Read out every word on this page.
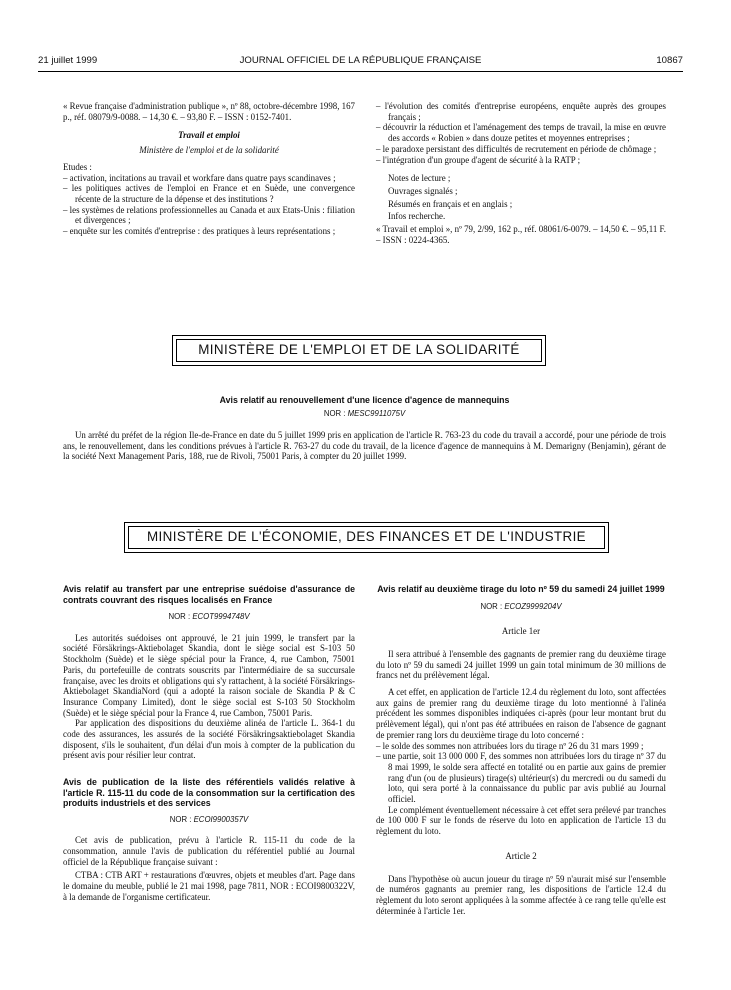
21 juillet 1999	JOURNAL OFFICIEL DE LA RÉPUBLIQUE FRANÇAISE	10867

« Revue française d'administration publique », nº 88, octobre-décembre 1998, 167 p., réf. 08079/9-0088. – 14,30 €. – 93,80 F. – ISSN : 0152-7401.

Travail et emploi

Ministère de l'emploi et de la solidarité

Etudes :

– activation, incitations au travail et workfare dans quatre pays scandinaves ;

– les politiques actives de l'emploi en France et en Suède, une convergence récente de la structure de la dépense et des institutions ?

– les systèmes de relations professionnelles au Canada et aux Etats-Unis : filiation et divergences ;

– enquête sur les comités d'entreprise : des pratiques à leurs représentations ;

– l'évolution des comités d'entreprise européens, enquête auprès des groupes français ;

– découvrir la réduction et l'aménagement des temps de travail, la mise en œuvre des accords « Robien » dans douze petites et moyennes entreprises ;

– le paradoxe persistant des difficultés de recrutement en période de chômage ;

– l'intégration d'un groupe d'agent de sécurité à la RATP ;

Notes de lecture ;

Ouvrages signalés ;

Résumés en français et en anglais ;

Infos recherche.

« Travail et emploi », nº 79, 2/99, 162 p., réf. 08061/6-0079. – 14,50 €. – 95,11 F. – ISSN : 0224-4365.

MINISTÈRE DE L'EMPLOI ET DE LA SOLIDARITÉ
Avis relatif au renouvellement d'une licence d'agence de mannequins
NOR : MESC9911075V

Un arrêté du préfet de la région Ile-de-France en date du 5 juillet 1999 pris en application de l'article R. 763-23 du code du travail a accordé, pour une période de trois ans, le renouvellement, dans les conditions prévues à l'article R. 763-27 du code du travail, de la licence d'agence de mannequins à M. Demarigny (Benjamin), gérant de la société Next Management Paris, 188, rue de Rivoli, 75001 Paris, à compter du 20 juillet 1999.

MINISTÈRE DE L'ÉCONOMIE, DES FINANCES ET DE L'INDUSTRIE

Avis relatif au transfert par une entreprise suédoise d'assurance de contrats couvrant des risques localisés en France

NOR : ECOT9994748V

Les autorités suédoises ont approuvé, le 21 juin 1999, le transfert par la société Försäkrings-Aktiebolaget Skandia, dont le siège social est S-103 50 Stockholm (Suède) et le siège spécial pour la France, 4, rue Cambon, 75001 Paris, du portefeuille de contrats souscrits par l'intermédiaire de sa succursale française, avec les droits et obligations qui s'y rattachent, à la société Försäkrings-Aktiebolaget SkandiaNord (qui a adopté la raison sociale de Skandia P & C Insurance Company Limited), dont le siège social est S-103 50 Stockholm (Suède) et le siège spécial pour la France 4, rue Cambon, 75001 Paris.

Par application des dispositions du deuxième alinéa de l'article L. 364-1 du code des assurances, les assurés de la société Försäkringsaktiebolaget Skandia disposent, s'ils le souhaitent, d'un délai d'un mois à compter de la publication du présent avis pour résilier leur contrat.

Avis de publication de la liste des référentiels validés relative à l'article R. 115-11 du code de la consommation sur la certification des produits industriels et des services

NOR : ECOI9900357V

Cet avis de publication, prévu à l'article R. 115-11 du code de la consommation, annule l'avis de publication du référentiel publié au Journal officiel de la République française suivant :

CTBA : CTB ART + restaurations d'œuvres, objets et meubles d'art. Page dans le domaine du meuble, publié le 21 mai 1998, page 7811, NOR : ECOI9800322V, à la demande de l'organisme certificateur.

Avis relatif au deuxième tirage du loto nº 59 du samedi 24 juillet 1999

NOR : ECOZ9999204V

Article 1er

Il sera attribué à l'ensemble des gagnants de premier rang du deuxième tirage du loto nº 59 du samedi 24 juillet 1999 un gain total minimum de 30 millions de francs net du prélèvement légal.

A cet effet, en application de l'article 12.4 du règlement du loto, sont affectées aux gains de premier rang du deuxième tirage du loto mentionné à l'alinéa précédent les sommes disponibles indiquées ci-après (pour leur montant brut du prélèvement légal), qui n'ont pas été attribuées en raison de l'absence de gagnant de premier rang lors du deuxième tirage du loto concerné :

– le solde des sommes non attribuées lors du tirage nº 26 du 31 mars 1999 ;

– une partie, soit 13 000 000 F, des sommes non attribuées lors du tirage nº 37 du 8 mai 1999, le solde sera affecté en totalité ou en partie aux gains de premier rang d'un (ou de plusieurs) tirage(s) ultérieur(s) du mercredi ou du samedi du loto, qui sera porté à la connaissance du public par avis publié au Journal officiel.

Le complément éventuellement nécessaire à cet effet sera prélevé par tranches de 100 000 F sur le fonds de réserve du loto en application de l'article 13 du règlement du loto.

Article 2

Dans l'hypothèse où aucun joueur du tirage nº 59 n'aurait misé sur l'ensemble de numéros gagnants au premier rang, les dispositions de l'article 12.4 du règlement du loto seront appliquées à la somme affectée à ce rang telle qu'elle est déterminée à l'article 1er.
